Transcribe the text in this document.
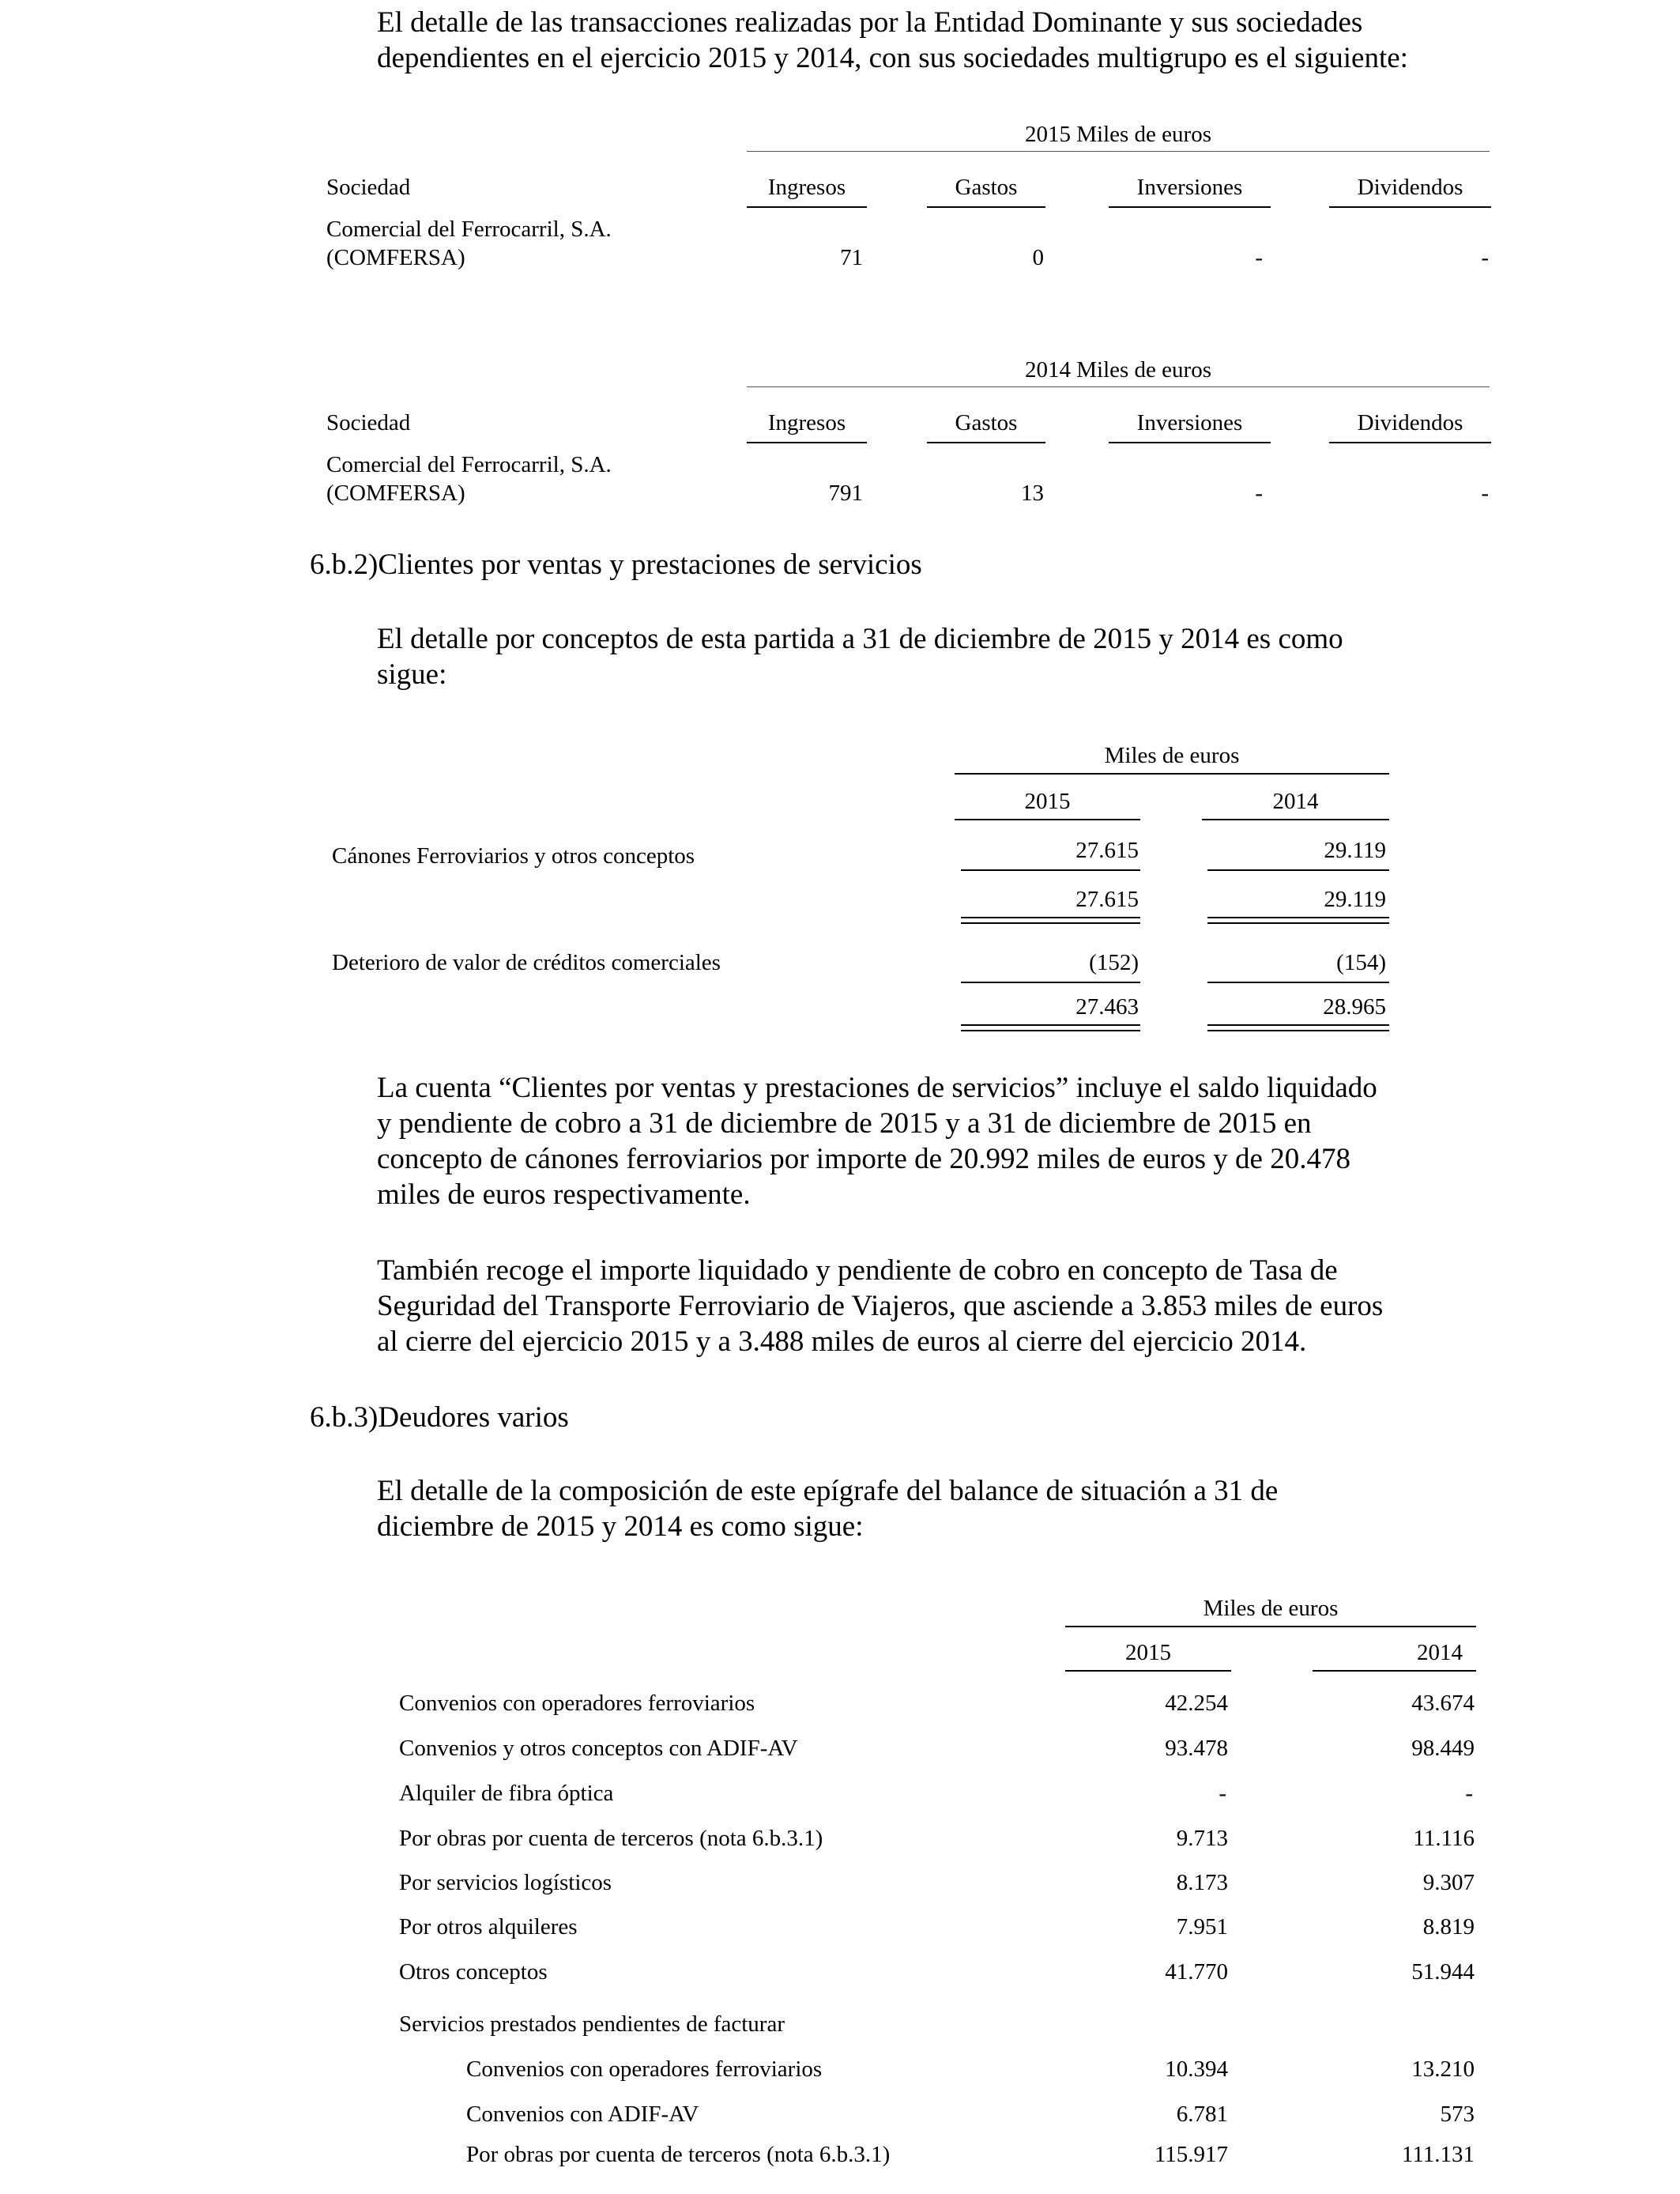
El detalle de las transacciones realizadas por la Entidad Dominante y sus sociedades
dependientes en el ejercicio 2015 y 2014, con sus sociedades multigrupo es el siguiente:
2015 Miles de euros
Sociedad	Ingresos	Gastos	Inversiones	Dividendos
Comercial del Ferrocarril, S.A.
(COMFERSA)	71	0	-	-
2014 Miles de euros
Sociedad	Ingresos	Gastos	Inversiones	Dividendos
Comercial del Ferrocarril, S.A.
(COMFERSA)	791	13	-	-
6.b.2)Clientes por ventas y prestaciones de servicios
El detalle por conceptos de esta partida a 31 de diciembre de 2015 y 2014 es como
sigue:
Miles de euros
2015	2014
Cánones Ferroviarios y otros conceptos	27.615	29.119
27.615	29.119
Deterioro de valor de créditos comerciales	(152)	(154)
27.463	28.965
La cuenta “Clientes por ventas y prestaciones de servicios” incluye el saldo liquidado
y pendiente de cobro a 31 de diciembre de 2015 y a 31 de diciembre de 2015 en
concepto de cánones ferroviarios por importe de 20.992 miles de euros y de 20.478
miles de euros respectivamente.
También recoge el importe liquidado y pendiente de cobro en concepto de Tasa de
Seguridad del Transporte Ferroviario de Viajeros, que asciende a 3.853 miles de euros
al cierre del ejercicio 2015 y a 3.488 miles de euros al cierre del ejercicio 2014.
6.b.3)Deudores varios
El detalle de la composición de este epígrafe del balance de situación a 31 de
diciembre de 2015 y 2014 es como sigue:
Miles de euros
2015	2014
Convenios con operadores ferroviarios	42.254	43.674
Convenios y otros conceptos con ADIF-AV	93.478	98.449
Alquiler de fibra óptica	-	-
Por obras por cuenta de terceros (nota 6.b.3.1)	9.713	11.116
Por servicios logísticos	8.173	9.307
Por otros alquileres	7.951	8.819
Otros conceptos	41.770	51.944
Servicios prestados pendientes de facturar
Convenios con operadores ferroviarios	10.394	13.210
Convenios con ADIF-AV	6.781	573
Por obras por cuenta de terceros (nota 6.b.3.1)	115.917	111.131
